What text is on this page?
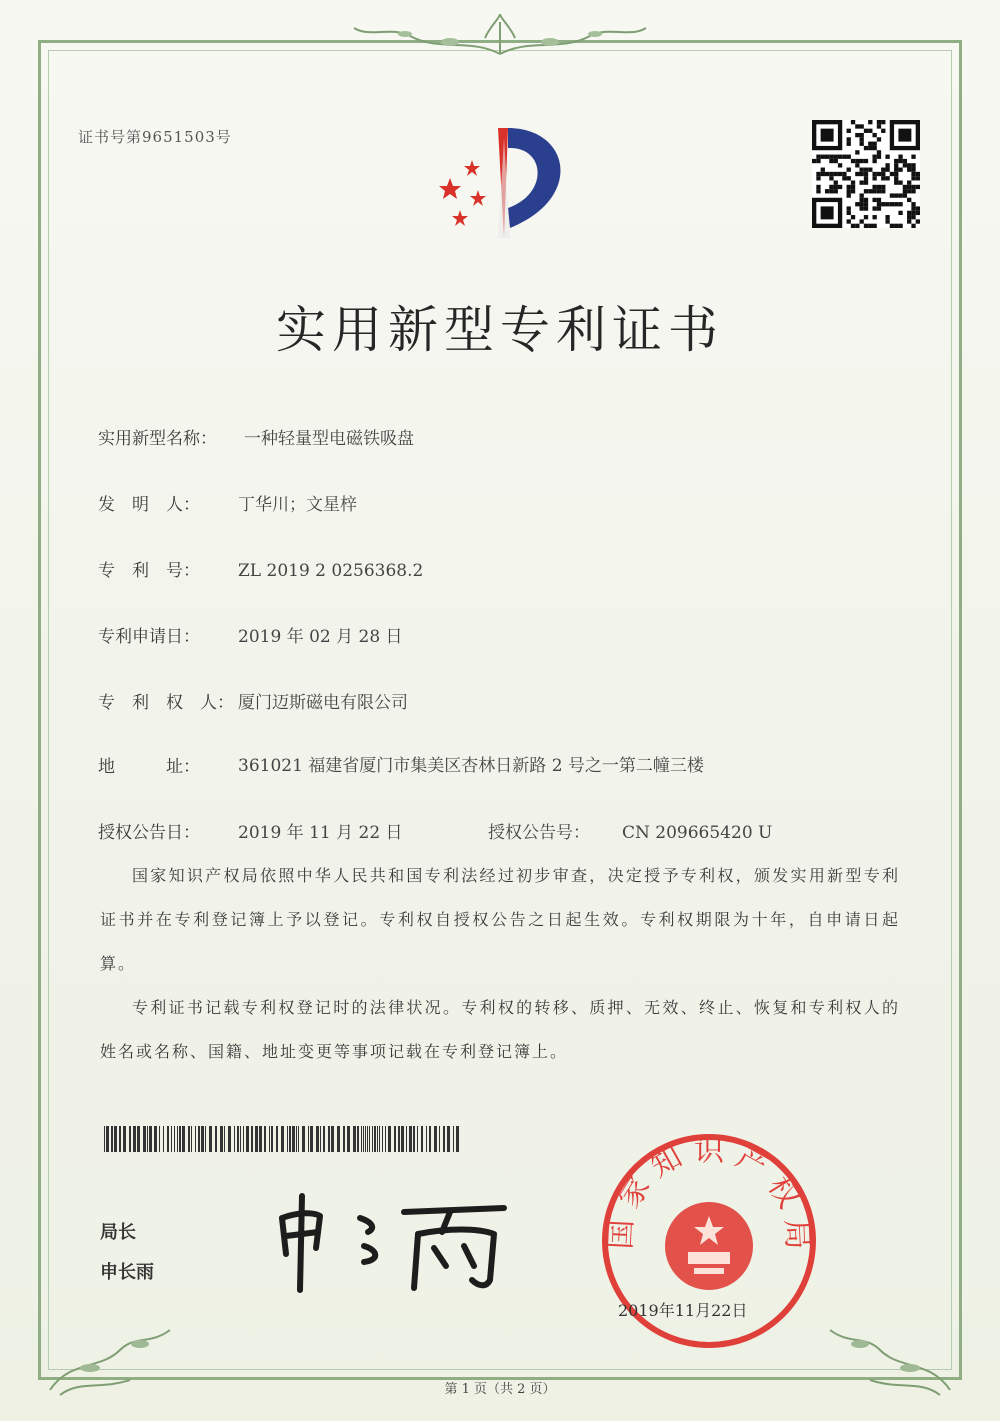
证书号第9651503号
实用新型专利证书
实用新型名称： 一种轻量型电磁铁吸盘
发　明　人： 丁华川；文星梓
专　利　号： ZL 2019 2 0256368.2
专利申请日： 2019 年 02 月 28 日
专　利　权　人： 厦门迈斯磁电有限公司
地　　　址： 361021 福建省厦门市集美区杏林日新路 2 号之一第二幢三楼
授权公告日： 2019 年 11 月 22 日	授权公告号： CN 209665420 U
国家知识产权局依照中华人民共和国专利法经过初步审查，决定授予专利权，颁发实用新型专利证书并在专利登记簿上予以登记。专利权自授权公告之日起生效。专利权期限为十年，自申请日起算。
专利证书记载专利权登记时的法律状况。专利权的转移、质押、无效、终止、恢复和专利权人的姓名或名称、国籍、地址变更等事项记载在专利登记簿上。
局长
申长雨
国 家 知 识 产 权 局
2019年11月22日
第 1 页（共 2 页）
